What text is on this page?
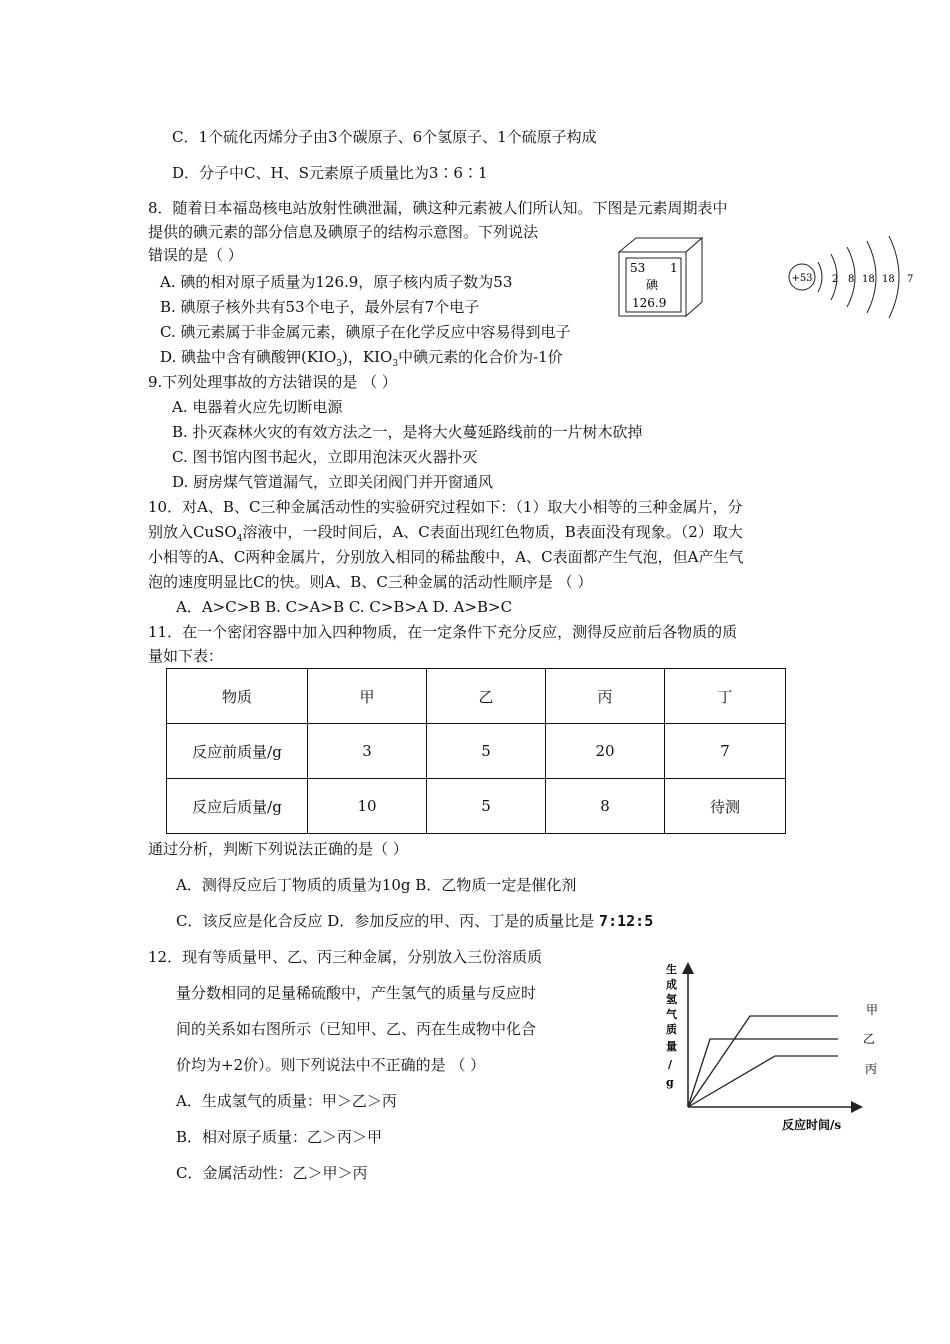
C．1个硫化丙烯分子由3个碳原子、6个氢原子、1个硫原子构成
D．分子中C、H、S元素原子质量比为3∶6∶1
8．随着日本福岛核电站放射性碘泄漏，碘这种元素被人们所认知。下图是元素周期表中
提供的碘元素的部分信息及碘原子的结构示意图。下列说法
错误的是（ ）
A. 碘的相对原子质量为126.9，原子核内质子数为53
B. 碘原子核外共有53个电子，最外层有7个电子
C. 碘元素属于非金属元素，碘原子在化学反应中容易得到电子
D. 碘盐中含有碘酸钾$(KIO_3)$，$KIO_3$中碘元素的化合价为-1价
53 1
碘
126.9
+53 2 8 18 18 7
9.下列处理事故的方法错误的是 （ ）
A. 电器着火应先切断电源
B. 扑灭森林火灾的有效方法之一，是将大火蔓延路线前的一片树木砍掉
C. 图书馆内图书起火，立即用泡沫灭火器扑灭
D. 厨房煤气管道漏气，立即关闭阀门并开窗通风
10．对A、B、C三种金属活动性的实验研究过程如下：（1）取大小相等的三种金属片，分
别放入CuSO$_4$溶液中，一段时间后，A、C表面出现红色物质，B表面没有现象。（2）取大
小相等的A、C两种金属片，分别放入相同的稀盐酸中，A、C表面都产生气泡，但A产生气
泡的速度明显比C的快。则A、B、C三种金属的活动性顺序是 （ ）
A．A>C>B B. C>A>B C. C>B>A D. A>B>C
11．在一个密闭容器中加入四种物质，在一定条件下充分反应，测得反应前后各物质的质
量如下表：
物质	甲	乙	丙	丁
反应前质量/g	3	5	20	7
反应后质量/g	10	5	8	待测
通过分析，判断下列说法正确的是（ ）
A．测得反应后丁物质的质量为10g B．乙物质一定是催化剂
C．该反应是化合反应 D．参加反应的甲、丙、丁是的质量比是 7:12:5
12．现有等质量甲、乙、丙三种金属，分别放入三份溶质质
量分数相同的足量稀硫酸中，产生氢气的质量与反应时
间的关系如右图所示（已知甲、乙、丙在生成物中化合
价均为+2价）。则下列说法中不正确的是 （ ）
A．生成氢气的质量：甲＞乙＞丙
B．相对原子质量：乙＞丙＞甲
C．金属活动性：乙＞甲＞丙
生
成
氢
气
质
量
/
g
反应时间/s
甲
乙
丙
